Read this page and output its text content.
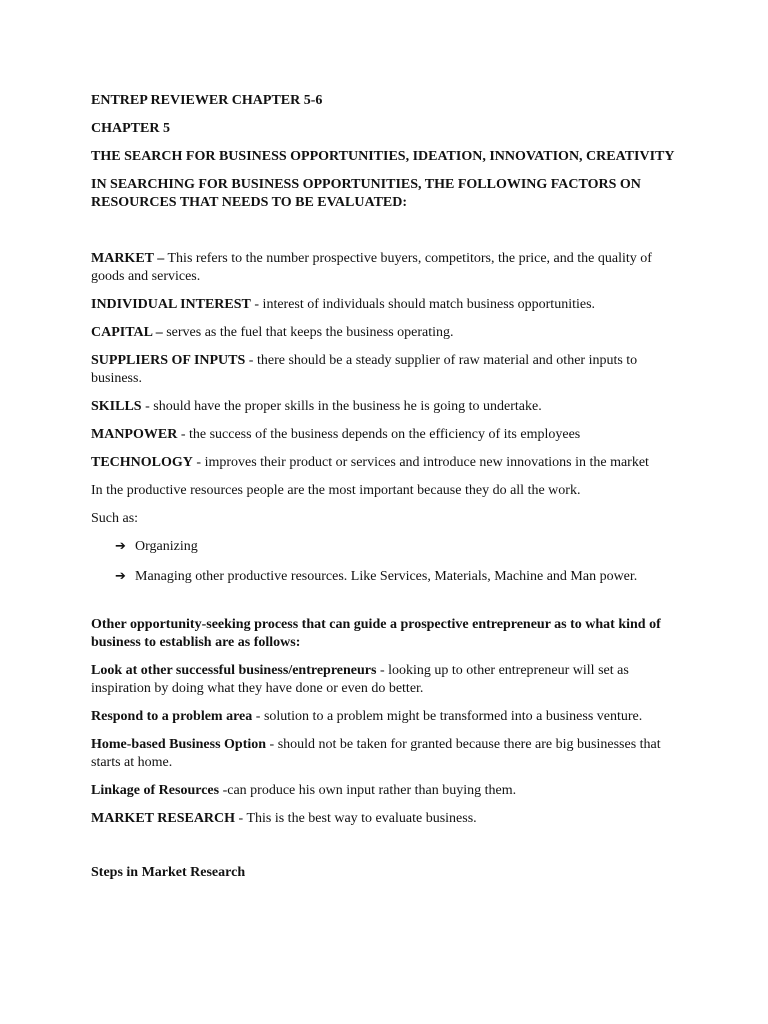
ENTREP REVIEWER CHAPTER 5-6

CHAPTER 5

THE SEARCH FOR BUSINESS OPPORTUNITIES, IDEATION, INNOVATION, CREATIVITY

IN SEARCHING FOR BUSINESS OPPORTUNITIES, THE FOLLOWING FACTORS ON RESOURCES THAT NEEDS TO BE EVALUATED:

MARKET – This refers to the number prospective buyers, competitors, the price, and the quality of goods and services.

INDIVIDUAL INTEREST - interest of individuals should match business opportunities.

CAPITAL – serves as the fuel that keeps the business operating.

SUPPLIERS OF INPUTS - there should be a steady supplier of raw material and other inputs to business.

SKILLS - should have the proper skills in the business he is going to undertake.

MANPOWER - the success of the business depends on the efficiency of its employees

TECHNOLOGY - improves their product or services and introduce new innovations in the market

In the productive resources people are the most important because they do all the work.

Such as:

➔ Organizing
➔ Managing other productive resources. Like Services, Materials, Machine and Man power.

Other opportunity-seeking process that can guide a prospective entrepreneur as to what kind of business to establish are as follows:

Look at other successful business/entrepreneurs - looking up to other entrepreneur will set as inspiration by doing what they have done or even do better.

Respond to a problem area - solution to a problem might be transformed into a business venture.

Home-based Business Option - should not be taken for granted because there are big businesses that starts at home.

Linkage of Resources -can produce his own input rather than buying them.

MARKET RESEARCH - This is the best way to evaluate business.

Steps in Market Research
